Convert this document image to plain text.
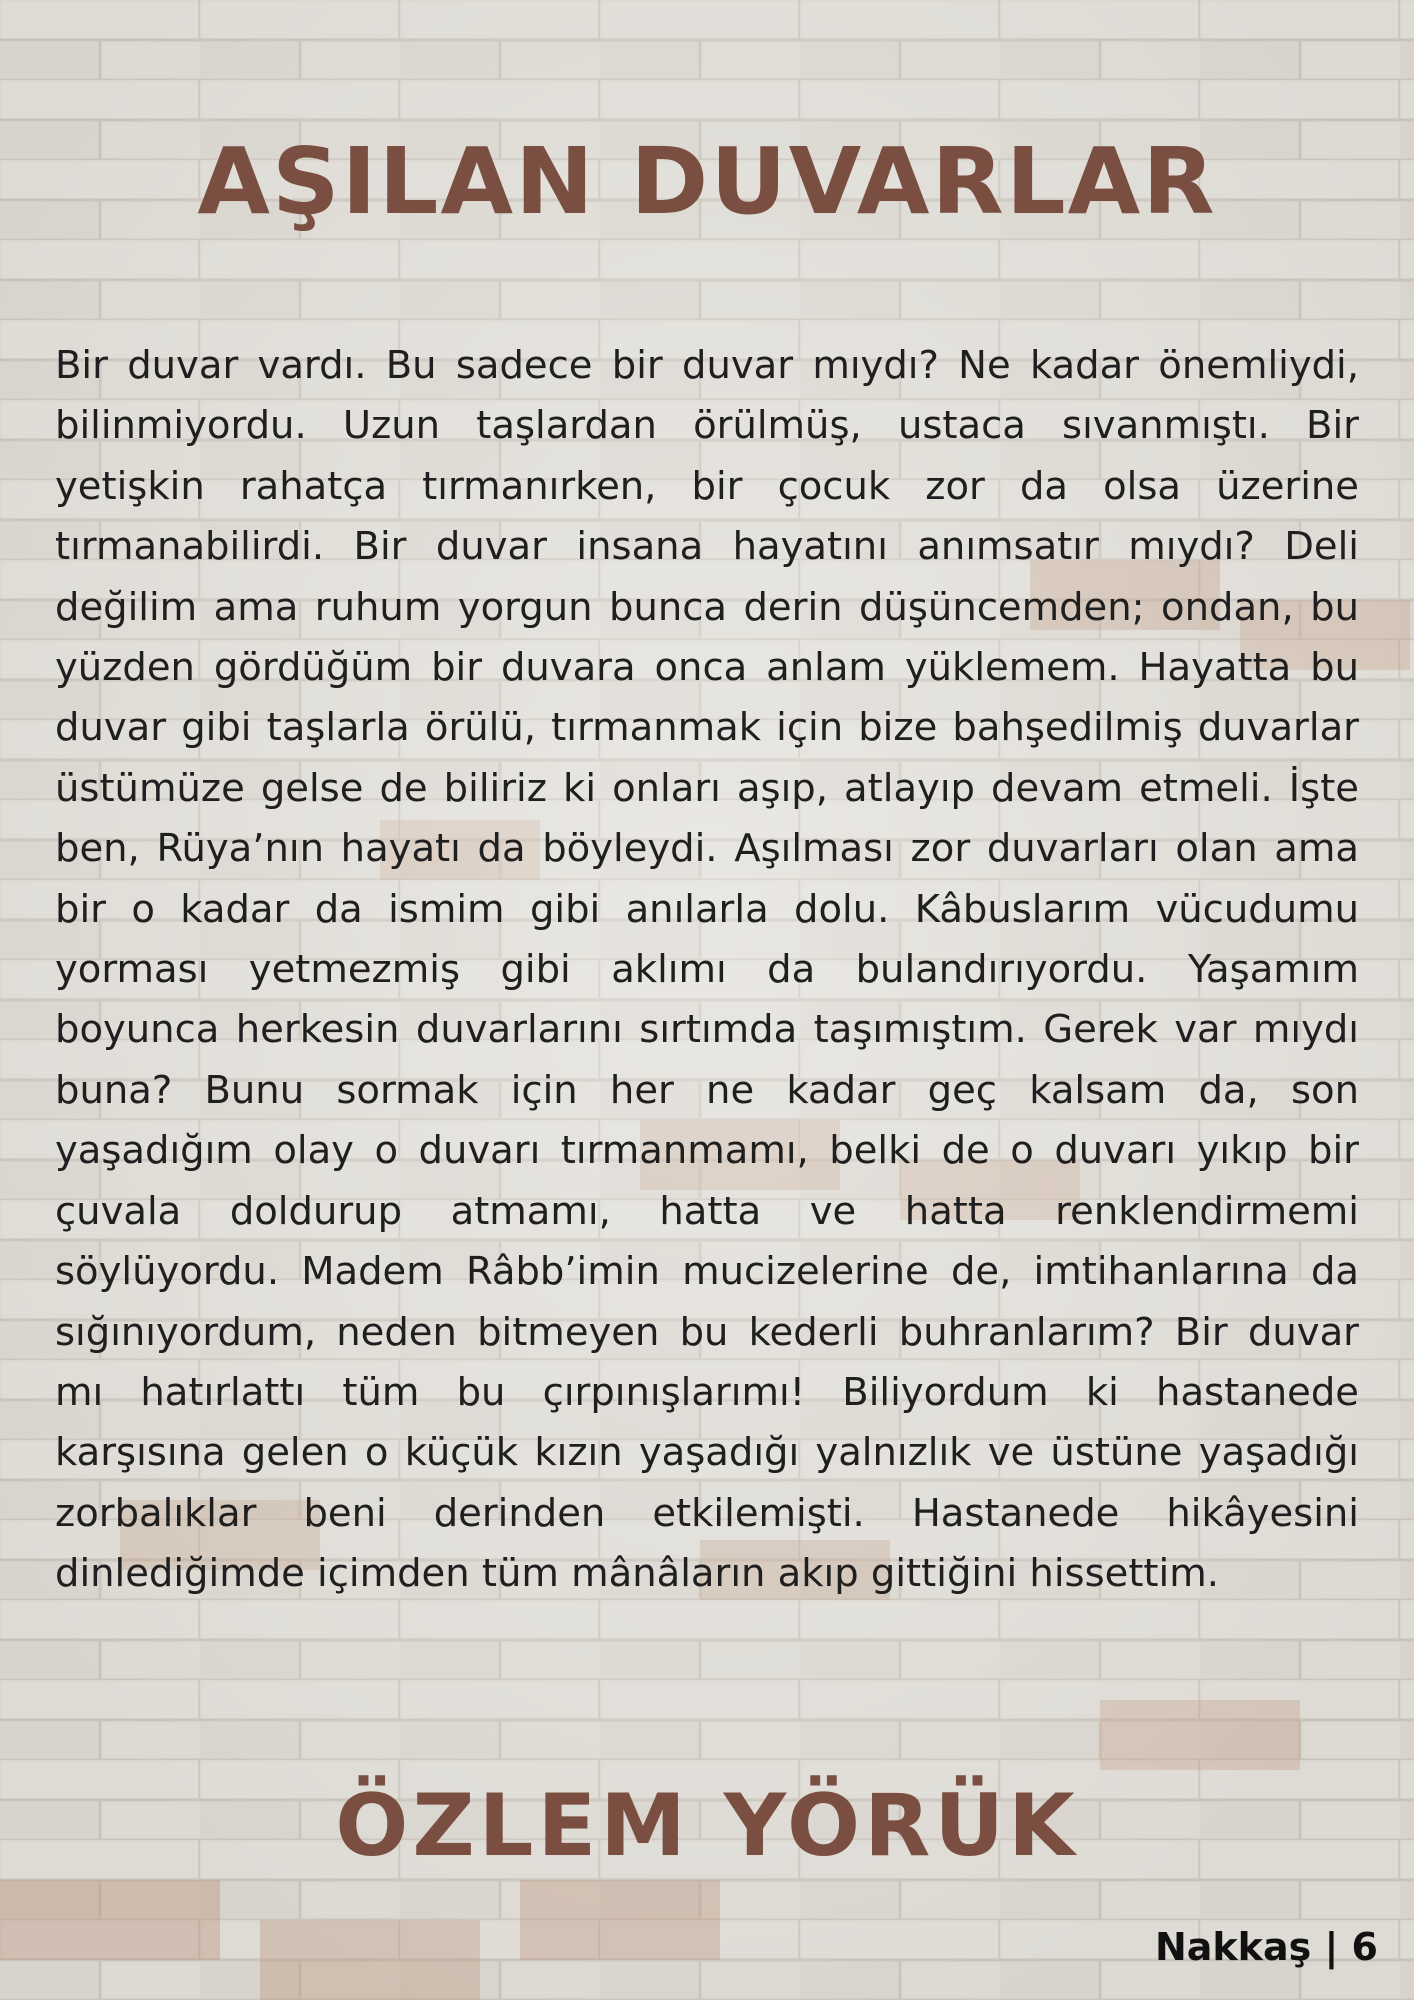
AŞILAN DUVARLAR

Bir duvar vardı. Bu sadece bir duvar mıydı? Ne kadar önemliydi, bilinmiyordu. Uzun taşlardan örülmüş, ustaca sıvanmıştı. Bir yetişkin rahatça tırmanırken, bir çocuk zor da olsa üzerine tırmanabilirdi. Bir duvar insana hayatını anımsatır mıydı? Deli değilim ama ruhum yorgun bunca derin düşüncemden; ondan, bu yüzden gördüğüm bir duvara onca anlam yüklemem. Hayatta bu duvar gibi taşlarla örülü, tırmanmak için bize bahşedilmiş duvarlar üstümüze gelse de biliriz ki onları aşıp, atlayıp devam etmeli. İşte ben, Rüya’nın hayatı da böyleydi. Aşılması zor duvarları olan ama bir o kadar da ismim gibi anılarla dolu. Kâbuslarım vücudumu yorması yetmezmiş gibi aklımı da bulandırıyordu. Yaşamım boyunca herkesin duvarlarını sırtımda taşımıştım. Gerek var mıydı buna? Bunu sormak için her ne kadar geç kalsam da, son yaşadığım olay o duvarı tırmanmamı, belki de o duvarı yıkıp bir çuvala doldurup atmamı, hatta ve hatta renklendirmemi söylüyordu. Madem Râbb’imin mucizelerine de, imtihanlarına da sığınıyordum, neden bitmeyen bu kederli buhranlarım? Bir duvar mı hatırlattı tüm bu çırpınışlarımı! Biliyordum ki hastanede karşısına gelen o küçük kızın yaşadığı yalnızlık ve üstüne yaşadığı zorbalıklar beni derinden etkilemişti. Hastanede hikâyesini dinlediğimde içimden tüm mânâların akıp gittiğini hissettim.

ÖZLEM YÖRÜK
Nakkaş | 6
